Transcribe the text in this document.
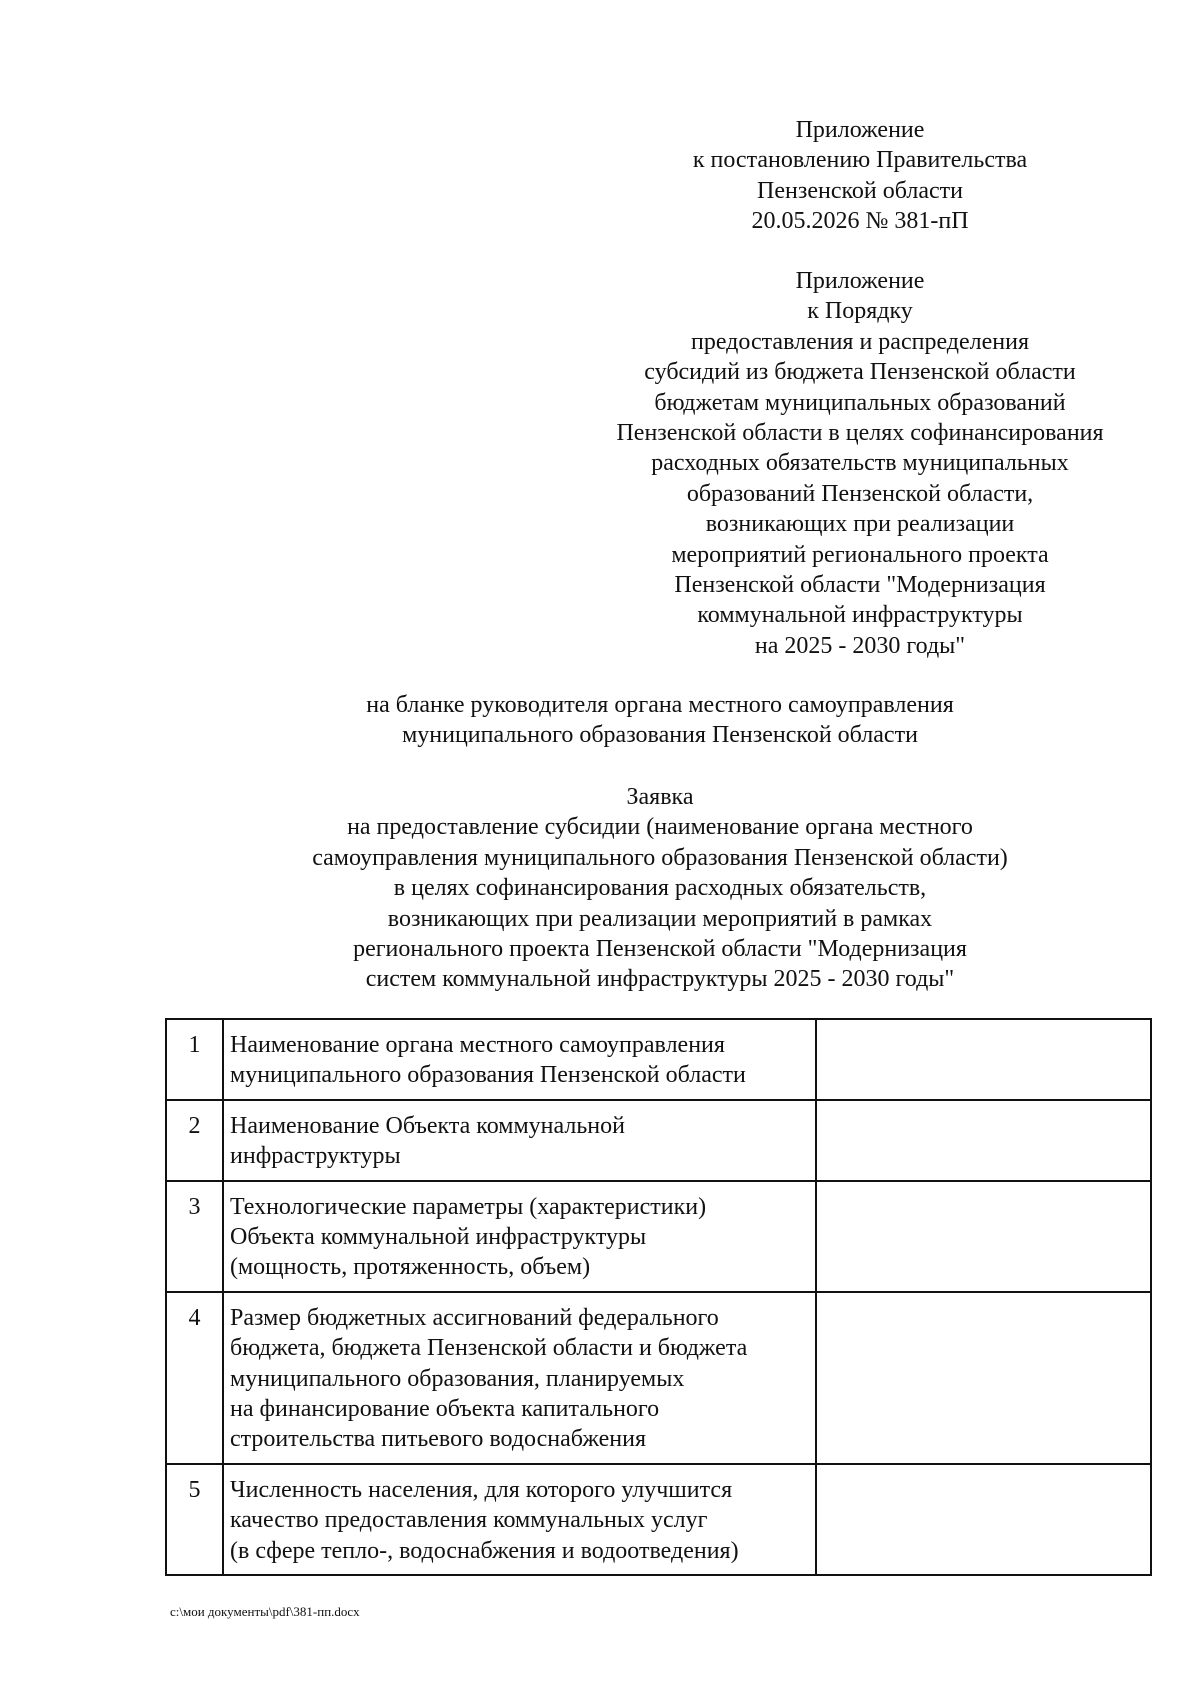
Приложение
к постановлению Правительства
Пензенской области
20.05.2026 № 381-пП
Приложение
к Порядку
предоставления и распределения
субсидий из бюджета Пензенской области
бюджетам муниципальных образований
Пензенской области в целях софинансирования
расходных обязательств муниципальных
образований Пензенской области,
возникающих при реализации
мероприятий регионального проекта
Пензенской области "Модернизация
коммунальной инфраструктуры
на 2025 - 2030 годы"
на бланке руководителя органа местного самоуправления
муниципального образования Пензенской области
Заявка
на предоставление субсидии (наименование органа местного
самоуправления муниципального образования Пензенской области)
в целях софинансирования расходных обязательств,
возникающих при реализации мероприятий в рамках
регионального проекта Пензенской области "Модернизация
систем коммунальной инфраструктуры 2025 - 2030 годы"
1	Наименование органа местного самоуправления
муниципального образования Пензенской области	

2	Наименование Объекта коммунальной
инфраструктуры	

3	Технологические параметры (характеристики)
Объекта коммунальной инфраструктуры
(мощность, протяженность, объем)	

4	Размер бюджетных ассигнований федерального
бюджета, бюджета Пензенской области и бюджета
муниципального образования, планируемых
на финансирование объекта капитального
строительства питьевого водоснабжения	

5	Численность населения, для которого улучшится
качество предоставления коммунальных услуг
(в сфере тепло-, водоснабжения и водоотведения)	

c:\мои документы\pdf\381-пп.docx
